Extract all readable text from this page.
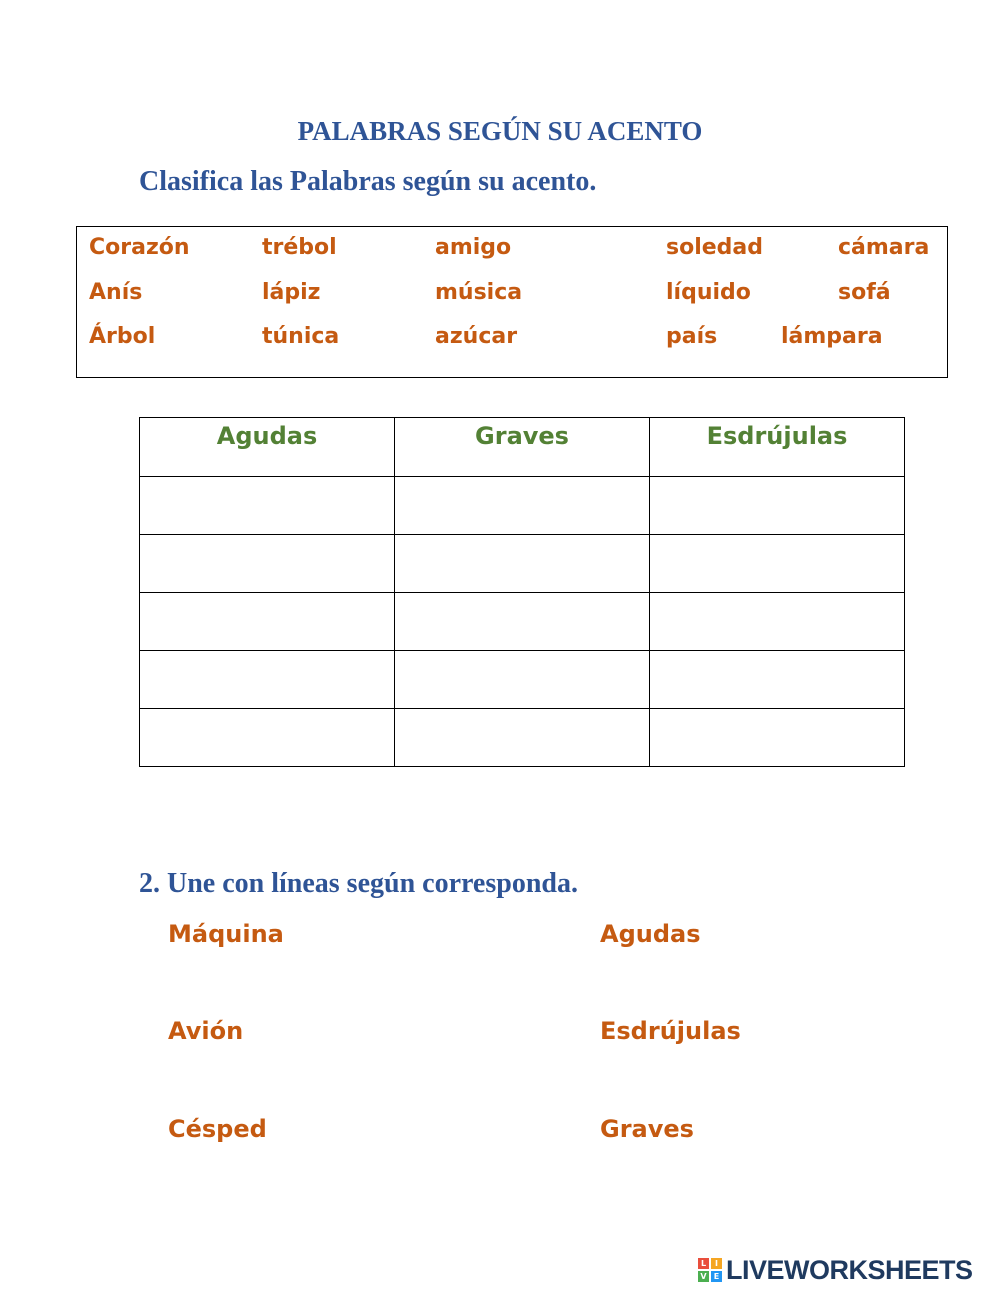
PALABRAS SEGÚN SU ACENTO
Clasifica las Palabras según su acento.
Corazón	trébol	amigo	soledad	cámara
Anís	lápiz	música	líquido	sofá
Árbol	túnica	azúcar	país	lámpara
Agudas	Graves	Esdrújulas

2. Une con líneas según corresponda.
Máquina
Avión
Césped
Agudas
Esdrújulas
Graves
L	I
V E LIVEWORKSHEETS
